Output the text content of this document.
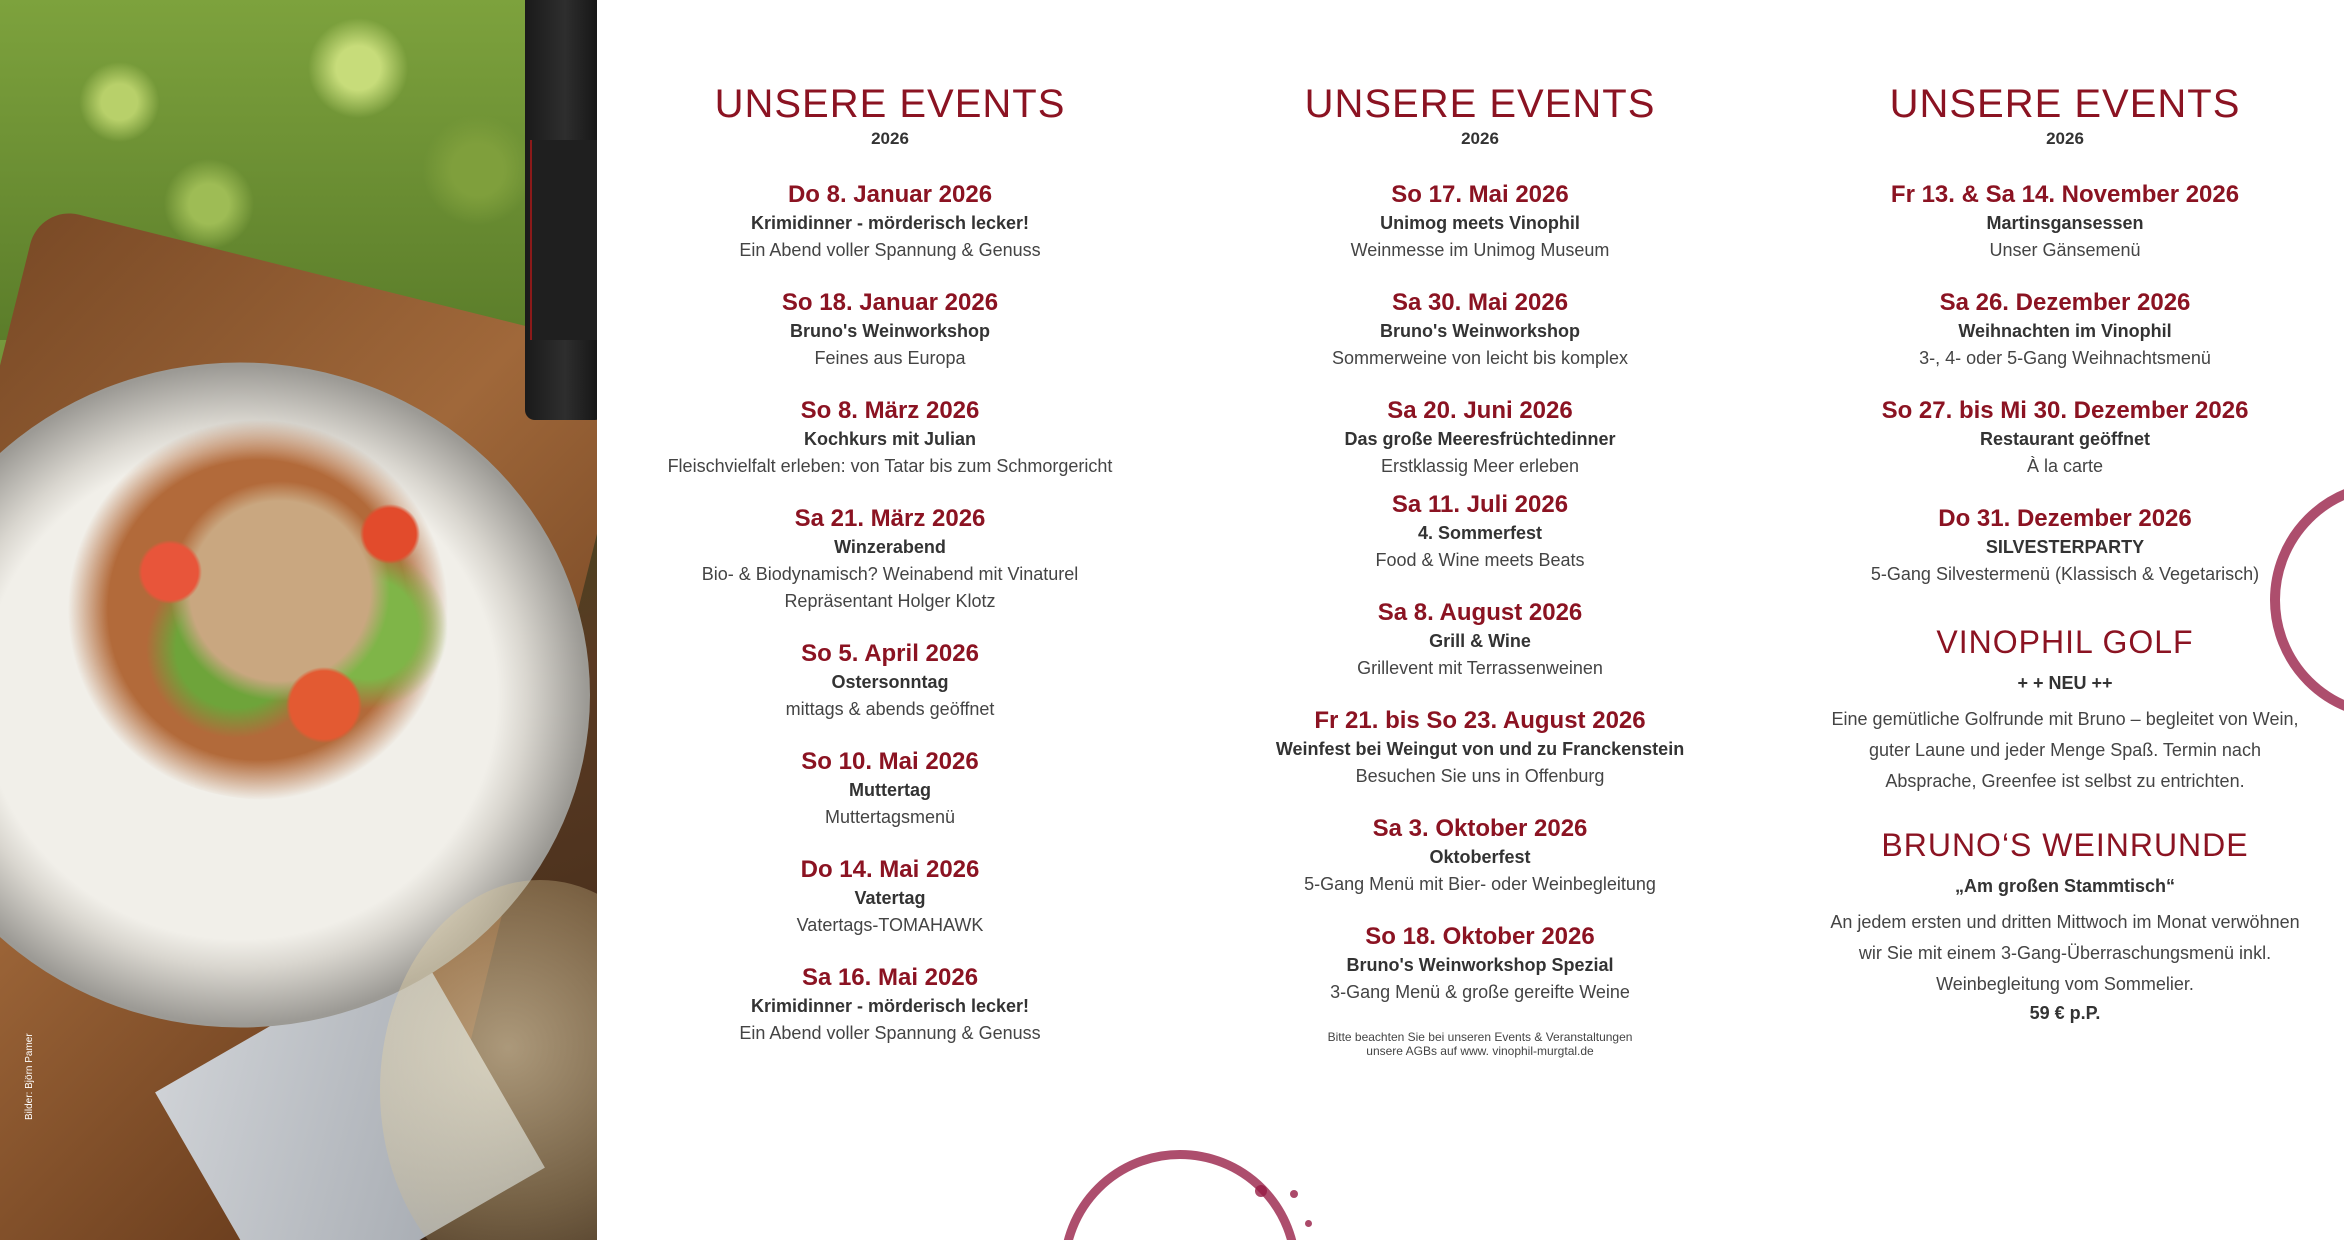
Bilder: Björn Pamer
UNSERE EVENTS
2026
Do 8. Januar 2026
Krimidinner - mörderisch lecker!
Ein Abend voller Spannung & Genuss
So 18. Januar 2026
Bruno's Weinworkshop
Feines aus Europa
So 8. März 2026
Kochkurs mit Julian
Fleischvielfalt erleben: von Tatar bis zum Schmorgericht
Sa 21. März 2026
Winzerabend
Bio- & Biodynamisch? Weinabend mit Vinaturel Repräsentant Holger Klotz
So 5. April 2026
Ostersonntag
mittags & abends geöffnet
So 10. Mai 2026
Muttertag
Muttertagsmenü
Do 14. Mai 2026
Vatertag
Vatertags-TOMAHAWK
Sa 16. Mai 2026
Krimidinner - mörderisch lecker!
Ein Abend voller Spannung & Genuss
UNSERE EVENTS
2026
So 17. Mai 2026
Unimog meets Vinophil
Weinmesse im Unimog Museum
Sa 30. Mai 2026
Bruno's Weinworkshop
Sommerweine von leicht bis komplex
Sa 20. Juni 2026
Das große Meeresfrüchtedinner
Erstklassig Meer erleben
Sa 11. Juli 2026
4. Sommerfest
Food & Wine meets Beats
Sa 8. August 2026
Grill & Wine
Grillevent mit Terrassenweinen
Fr 21. bis So 23. August 2026
Weinfest bei Weingut von und zu Franckenstein
Besuchen Sie uns in Offenburg
Sa 3. Oktober 2026
Oktoberfest
5-Gang Menü mit Bier- oder Weinbegleitung
So 18. Oktober 2026
Bruno's Weinworkshop Spezial
3-Gang Menü & große gereifte Weine
Bitte beachten Sie bei unseren Events & Veranstaltungen
unsere AGBs auf www. vinophil-murgtal.de
UNSERE EVENTS
2026
Fr 13. & Sa 14. November 2026
Martinsgansessen
Unser Gänsemenü
Sa 26. Dezember 2026
Weihnachten im Vinophil
3-, 4- oder 5-Gang Weihnachtsmenü
So 27. bis Mi 30. Dezember 2026
Restaurant geöffnet
À la carte
Do 31. Dezember 2026
SILVESTERPARTY
5-Gang Silvestermenü (Klassisch & Vegetarisch)
VINOPHIL GOLF
+ + NEU ++
Eine gemütliche Golfrunde mit Bruno – begleitet von Wein, guter Laune und jeder Menge Spaß. Termin nach Absprache, Greenfee ist selbst zu entrichten.
BRUNO‘S WEINRUNDE
„Am großen Stammtisch“
An jedem ersten und dritten Mittwoch im Monat verwöhnen wir Sie mit einem 3-Gang-Überraschungsmenü inkl. Weinbegleitung vom Sommelier.
59 € p.P.
